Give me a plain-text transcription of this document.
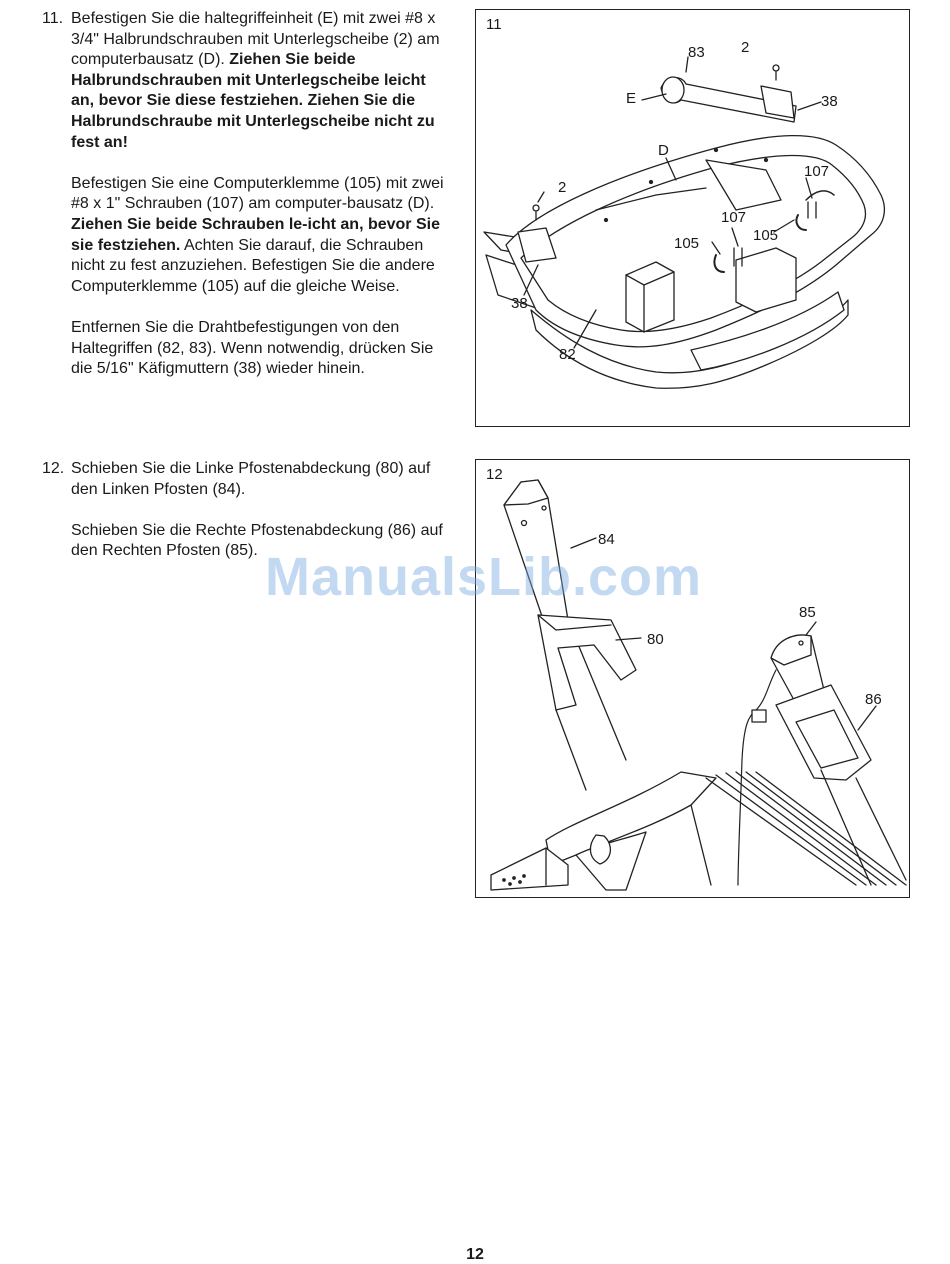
11. Befestigen Sie die haltegriffeinheit (E) mit zwei #8 x 3/4" Halbrundschrauben mit Unterlegscheibe (2) am computerbausatz (D). Ziehen Sie beide Halbrundschrauben mit Unterlegscheibe leicht an, bevor Sie diese festziehen. Ziehen Sie die Halbrundschraube mit Unterlegscheibe nicht zu fest an!

Befestigen Sie eine Computerklemme (105) mit zwei #8 x 1" Schrauben (107) am computer-bausatz (D). Ziehen Sie beide Schrauben le-icht an, bevor Sie sie festziehen. Achten Sie darauf, die Schrauben nicht zu fest anzuziehen. Befestigen Sie die andere Computerklemme (105) auf die gleiche Weise.

Entfernen Sie die Drahtbefestigungen von den Haltegriffen (82, 83). Wenn notwendig, drücken Sie die 5/16" Käfigmuttern (38) wieder hinein.

12. Schieben Sie die Linke Pfostenabdeckung (80) auf den Linken Pfosten (84).

Schieben Sie die Rechte Pfostenabdeckung (86) auf den Rechten Pfosten (85).

11
83 2
E	38
D
107
2
107
105
105
38
82
12
84
80
85
86
ManualsLib.com
12
